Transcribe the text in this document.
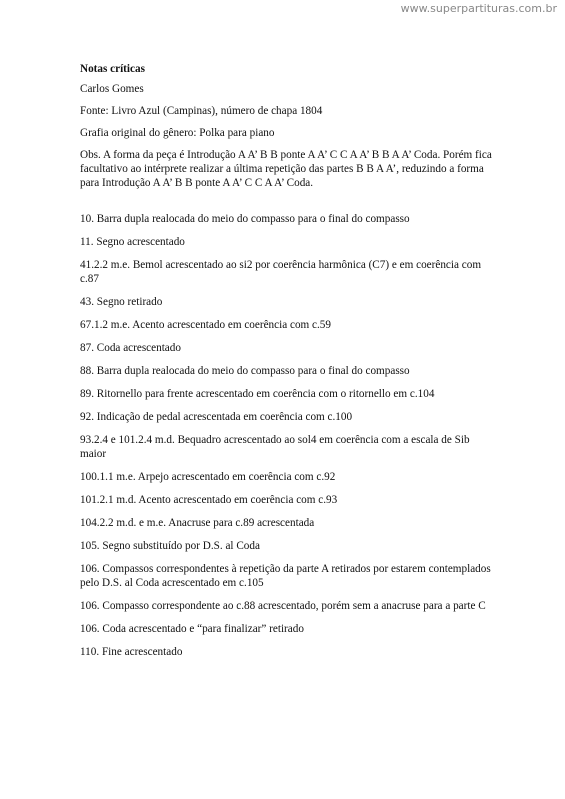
www.superpartituras.com.br

Notas críticas

Carlos Gomes

Fonte: Livro Azul (Campinas), número de chapa 1804

Grafia original do gênero: Polka para piano

Obs. A forma da peça é Introdução A A’ B B ponte A A’ C C A A’ B B A A’ Coda. Porém fica facultativo ao intérprete realizar a última repetição das partes B B A A’, reduzindo a forma para Introdução A A’ B B ponte A A’ C C A A’ Coda.

10. Barra dupla realocada do meio do compasso para o final do compasso

11. Segno acrescentado

41.2.2 m.e. Bemol acrescentado ao si2 por coerência harmônica (C7) e em coerência com c.87

43. Segno retirado

67.1.2 m.e. Acento acrescentado em coerência com c.59

87. Coda acrescentado

88. Barra dupla realocada do meio do compasso para o final do compasso

89. Ritornello para frente acrescentado em coerência com o ritornello em c.104

92. Indicação de pedal acrescentada em coerência com c.100

93.2.4 e 101.2.4 m.d. Bequadro acrescentado ao sol4 em coerência com a escala de Sib maior

100.1.1 m.e. Arpejo acrescentado em coerência com c.92

101.2.1 m.d. Acento acrescentado em coerência com c.93

104.2.2 m.d. e m.e. Anacruse para c.89 acrescentada

105. Segno substituído por D.S. al Coda

106. Compassos correspondentes à repetição da parte A retirados por estarem contemplados pelo D.S. al Coda acrescentado em c.105

106. Compasso correspondente ao c.88 acrescentado, porém sem a anacruse para a parte C

106. Coda acrescentado e “para finalizar” retirado

110. Fine acrescentado
